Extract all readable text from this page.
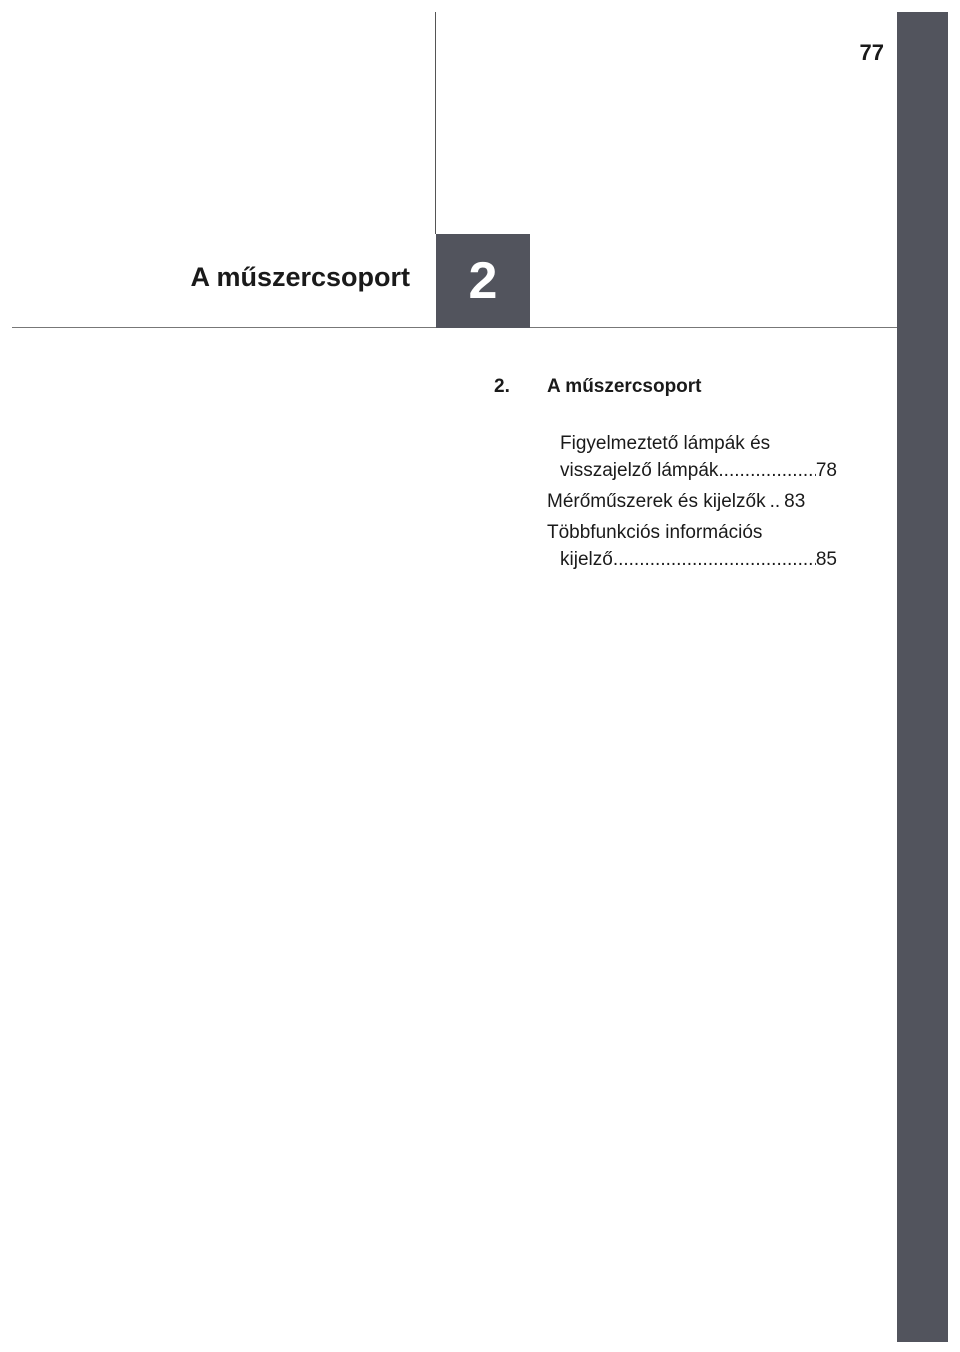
77
A műszercsoport 2
2. A műszercsoport
Figyelmeztető lámpák és
visszajelző lámpák .....	78
Mérőműszerek és kijelzők .. 83
Többfunkciós információs
kijelző .....	85
